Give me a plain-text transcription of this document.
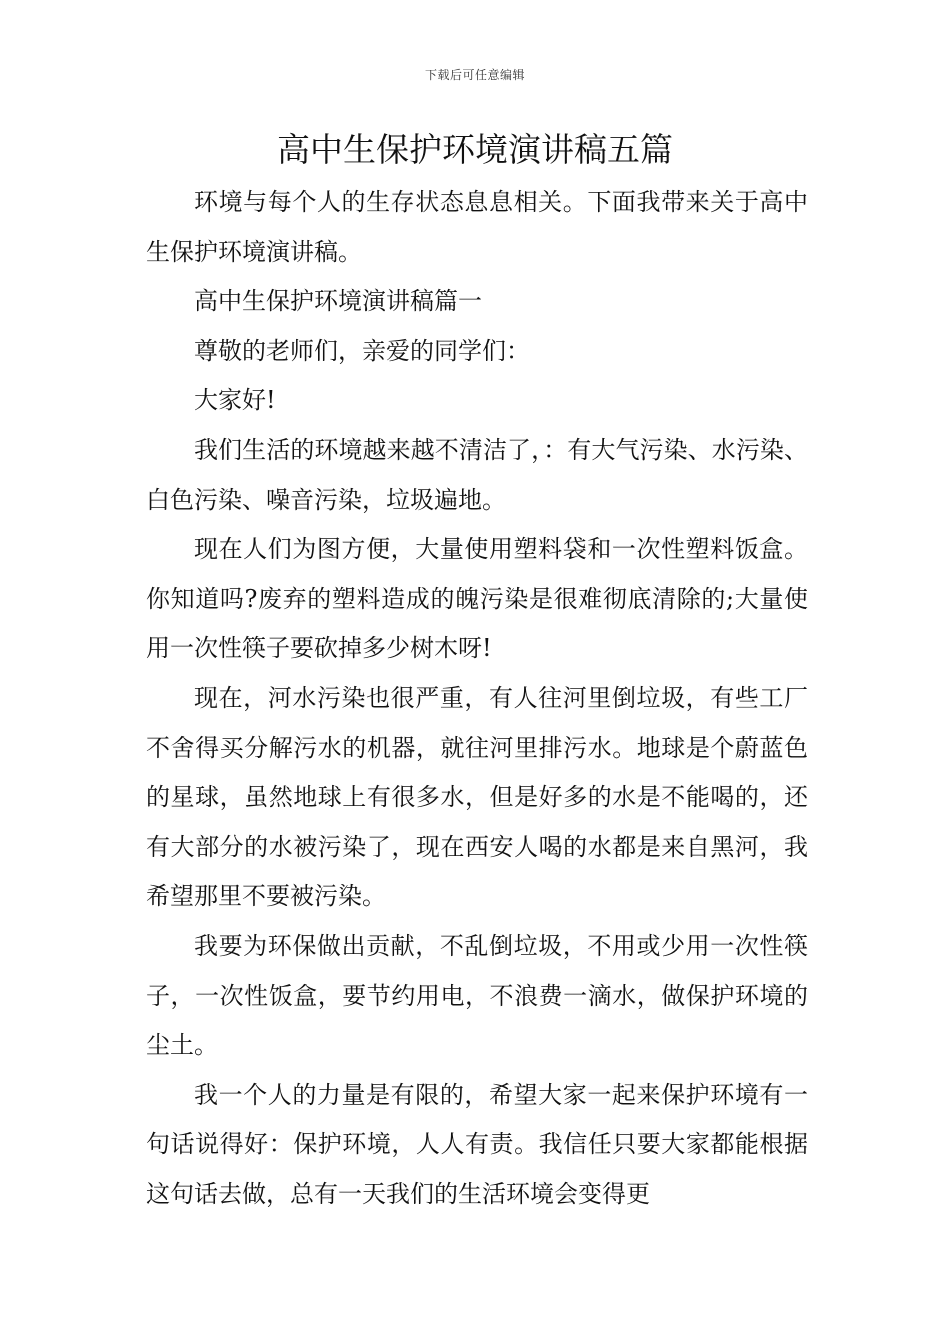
下载后可任意编辑
高中生保护环境演讲稿五篇

环境与每个人的生存状态息息相关。下面我带来关于高中生保护环境演讲稿。

高中生保护环境演讲稿篇一

尊敬的老师们，亲爱的同学们：

大家好!

我们生活的环境越来越不清洁了，：有大气污染、水污染、白色污染、噪音污染，垃圾遍地。

现在人们为图方便，大量使用塑料袋和一次性塑料饭盒。你知道吗?废弃的塑料造成的魄污染是很难彻底清除的;大量使用一次性筷子要砍掉多少树木呀!

现在，河水污染也很严重，有人往河里倒垃圾，有些工厂不舍得买分解污水的机器，就往河里排污水。地球是个蔚蓝色的星球，虽然地球上有很多水，但是好多的水是不能喝的，还有大部分的水被污染了，现在西安人喝的水都是来自黑河，我希望那里不要被污染。

我要为环保做出贡献，不乱倒垃圾，不用或少用一次性筷子，一次性饭盒，要节约用电，不浪费一滴水，做保护环境的尘土。

我一个人的力量是有限的，希望大家一起来保护环境有一句话说得好：保护环境，人人有责。我信任只要大家都能根据这句话去做，总有一天我们的生活环境会变得更
